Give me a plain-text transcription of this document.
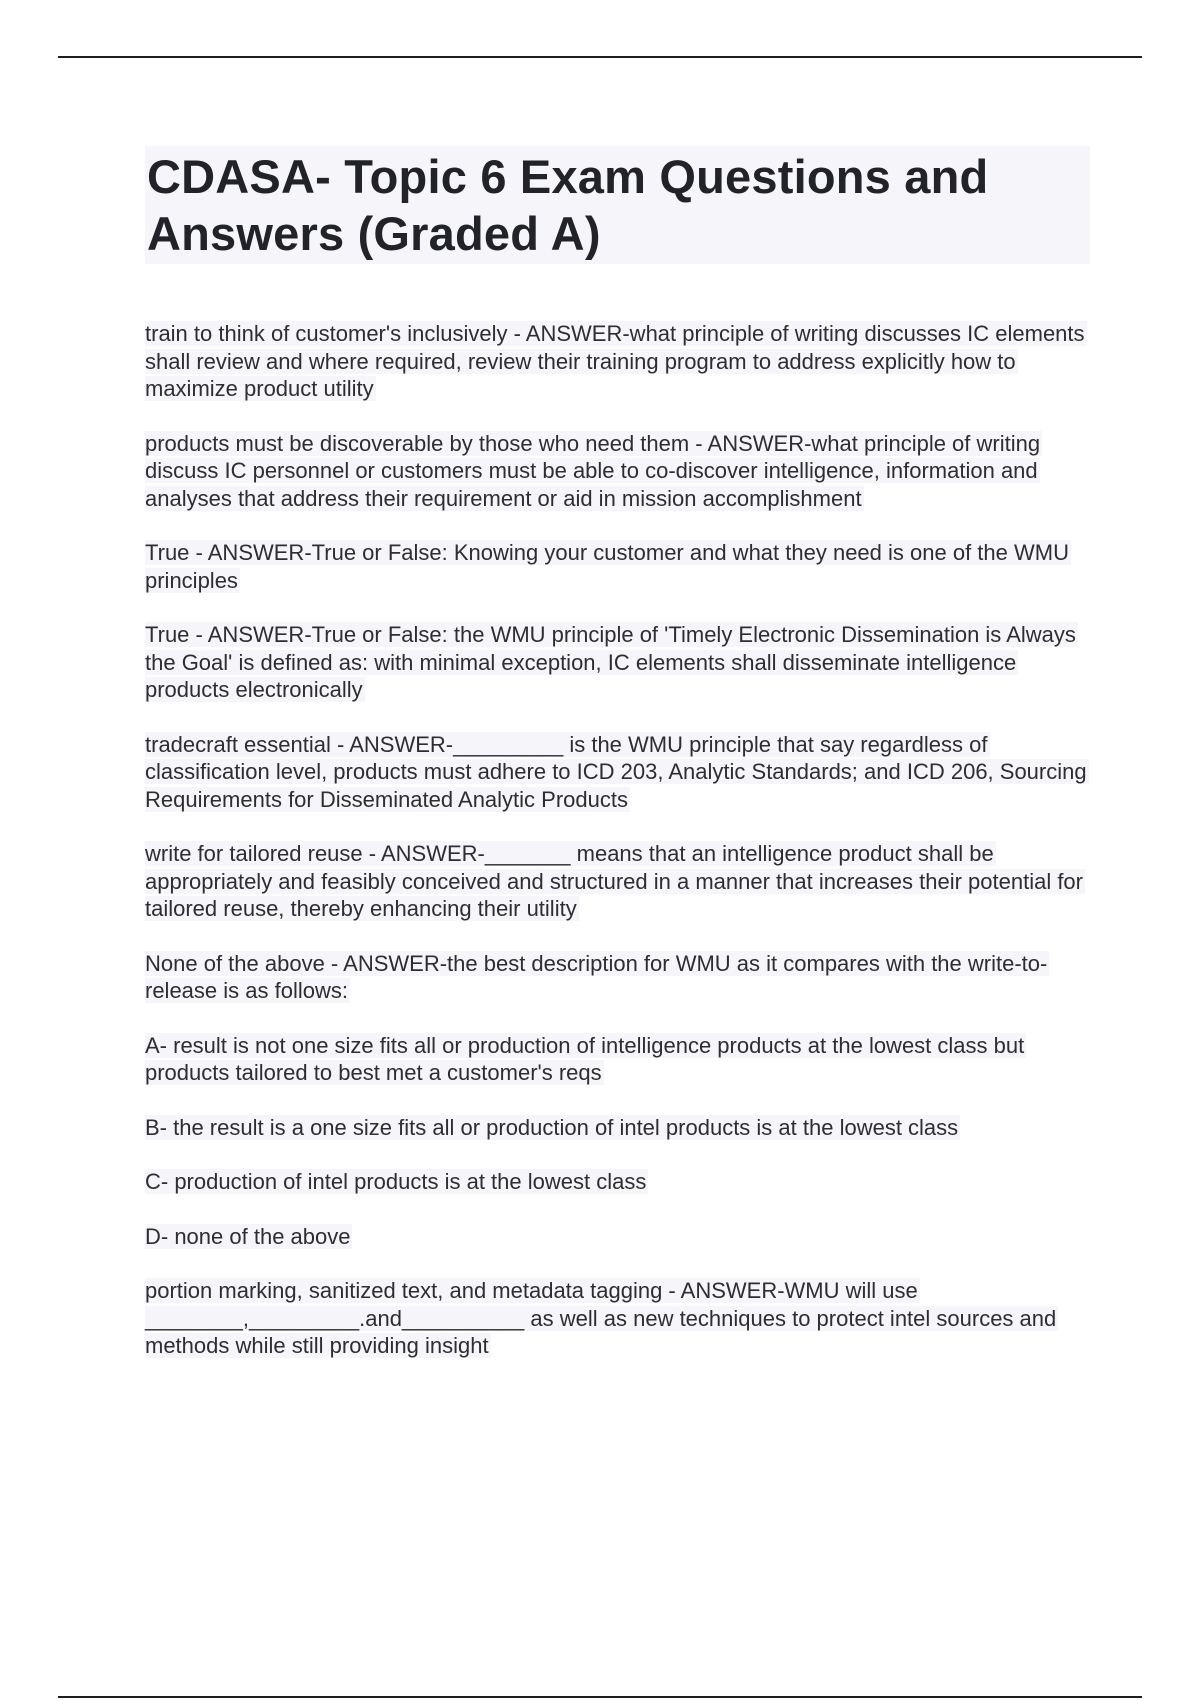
CDASA- Topic 6 Exam Questions and Answers (Graded A)

train to think of customer's inclusively - ANSWER-what principle of writing discusses IC elements shall review and where required, review their training program to address explicitly how to maximize product utility

products must be discoverable by those who need them - ANSWER-what principle of writing discuss IC personnel or customers must be able to co-discover intelligence, information and analyses that address their requirement or aid in mission accomplishment

True - ANSWER-True or False: Knowing your customer and what they need is one of the WMU principles

True - ANSWER-True or False: the WMU principle of 'Timely Electronic Dissemination is Always the Goal' is defined as: with minimal exception, IC elements shall disseminate intelligence products electronically

tradecraft essential - ANSWER-_________ is the WMU principle that say regardless of classification level, products must adhere to ICD 203, Analytic Standards; and ICD 206, Sourcing Requirements for Disseminated Analytic Products

write for tailored reuse - ANSWER-_______ means that an intelligence product shall be appropriately and feasibly conceived and structured in a manner that increases their potential for tailored reuse, thereby enhancing their utility

None of the above - ANSWER-the best description for WMU as it compares with the write-to-release is as follows:

A- result is not one size fits all or production of intelligence products at the lowest class but products tailored to best met a customer's reqs

B- the result is a one size fits all or production of intel products is at the lowest class

C- production of intel products is at the lowest class

D- none of the above

portion marking, sanitized text, and metadata tagging - ANSWER-WMU will use ________,_________.and__________ as well as new techniques to protect intel sources and methods while still providing insight
